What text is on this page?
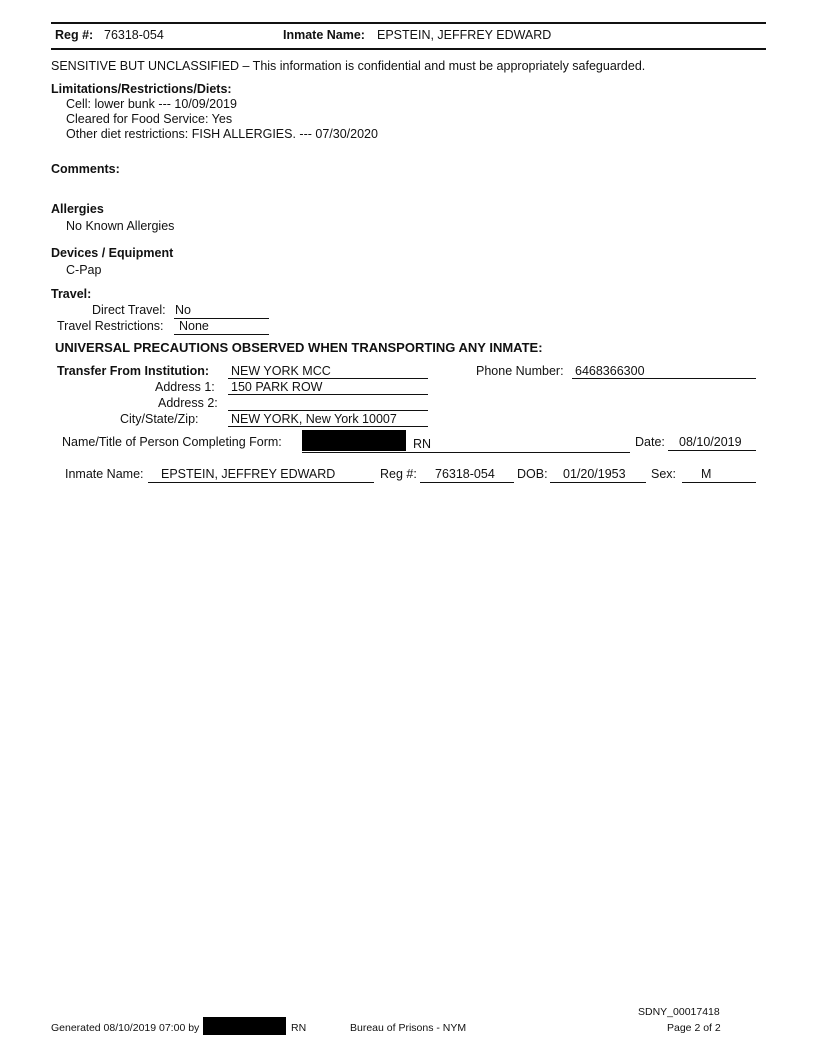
Reg #: 76318-054	Inmate Name: EPSTEIN, JEFFREY EDWARD
SENSITIVE BUT UNCLASSIFIED – This information is confidential and must be appropriately safeguarded.
Limitations/Restrictions/Diets:
Cell: lower bunk --- 10/09/2019
Cleared for Food Service: Yes
Other diet restrictions: FISH ALLERGIES. --- 07/30/2020
Comments:
Allergies
No Known Allergies
Devices / Equipment
C-Pap
Travel:
Direct Travel: No
Travel Restrictions: None
UNIVERSAL PRECAUTIONS OBSERVED WHEN TRANSPORTING ANY INMATE:
Transfer From Institution: NEW YORK MCC	Phone Number: 6468366300
Address 1: 150 PARK ROW
Address 2:
City/State/Zip:	NEW YORK, New York 10007
Name/Title of Person Completing Form:	RN	Date: 08/10/2019
Inmate Name: EPSTEIN, JEFFREY EDWARD	Reg #: 76318-054 DOB: 01/20/1953 Sex: M
SDNY_00017418
Generated 08/10/2019 07:00 by	RN	Bureau of Prisons - NYM	Page 2 of 2
